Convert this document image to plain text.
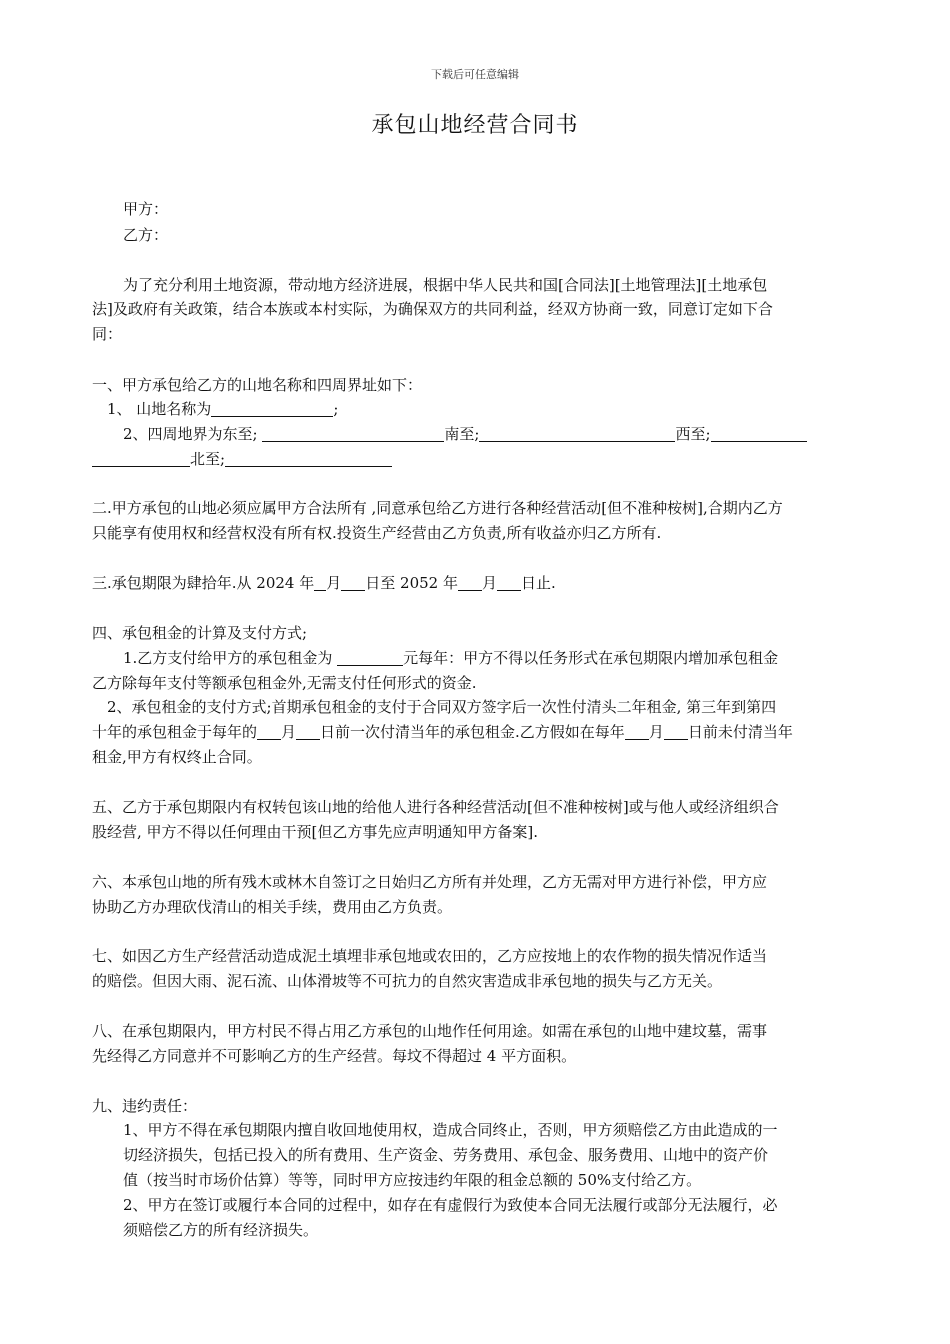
下载后可任意编辑
承包山地经营合同书
甲方：
乙方：
为了充分利用土地资源，带动地方经济进展，根据中华人民共和国[合同法][土地管理法][土地承包
法]及政府有关政策，结合本族或本村实际，为确保双方的共同利益，经双方协商一致，同意订定如下合
同：
一、甲方承包给乙方的山地名称和四周界址如下：
1、 山地名称为	;
2、四周地界为东至;	南至;	西至;
北至;
二.甲方承包的山地必须应属甲方合法所有 ,同意承包给乙方进行各种经营活动[但不准种桉树],合期内乙方
只能享有使用权和经营权没有所有权.投资生产经营由乙方负责,所有收益亦归乙方所有.
三.承包期限为肆拾年.从 2024 年 月 日至 2052 年 月 日止.
四、承包租金的计算及支付方式;
1.乙方支付给甲方的承包租金为	元每年：甲方不得以任务形式在承包期限内增加承包租金
乙方除每年支付等额承包租金外,无需支付任何形式的资金.
2、承包租金的支付方式;首期承包租金的支付于合同双方签字后一次性付清头二年租金, 第三年到第四
十年的承包租金于每年的 月 日前一次付清当年的承包租金.乙方假如在每年 月 日前未付清当年
租金,甲方有权终止合同。
五、乙方于承包期限内有权转包该山地的给他人进行各种经营活动[但不准种桉树]或与他人或经济组织合
股经营, 甲方不得以任何理由干预[但乙方事先应声明通知甲方备案].
六、本承包山地的所有残木或林木自签订之日始归乙方所有并处理，乙方无需对甲方进行补偿，甲方应
协助乙方办理砍伐清山的相关手续，费用由乙方负责。
七、如因乙方生产经营活动造成泥土填埋非承包地或农田的，乙方应按地上的农作物的损失情况作适当
的赔偿。但因大雨、泥石流、山体滑坡等不可抗力的自然灾害造成非承包地的损失与乙方无关。
八、在承包期限内，甲方村民不得占用乙方承包的山地作任何用途。如需在承包的山地中建坟墓，需事
先经得乙方同意并不可影响乙方的生产经营。每坟不得超过 4 平方面积。
九、违约责任：
1、甲方不得在承包期限内擅自收回地使用权，造成合同终止，否则，甲方须赔偿乙方由此造成的一
切经济损失，包括已投入的所有费用、生产资金、劳务费用、承包金、服务费用、山地中的资产价
值（按当时市场价估算）等等，同时甲方应按违约年限的租金总额的 50%支付给乙方。
2、甲方在签订或履行本合同的过程中，如存在有虚假行为致使本合同无法履行或部分无法履行，必
须赔偿乙方的所有经济损失。
